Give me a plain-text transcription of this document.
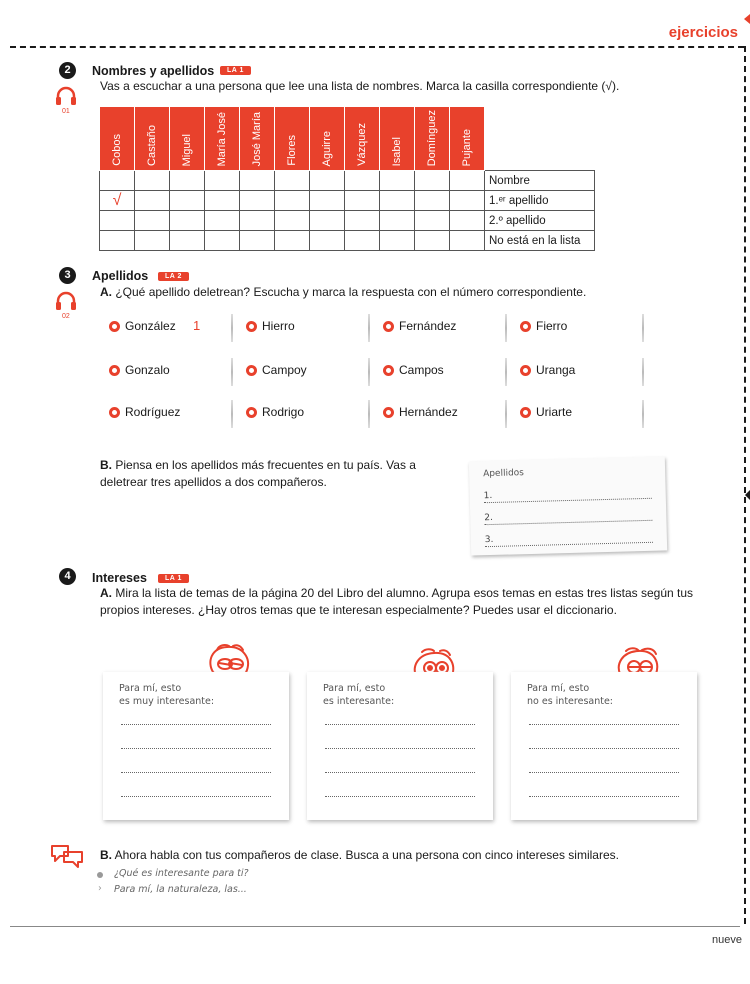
ejercicios
2	Nombres y apellidos	LA 1
01
Vas a escuchar a una persona que lee una lista de nombres. Marca la casilla correspondiente (√).
Cobos	Castaño	Miguel	María José	José María	Flores	Aguirre	Vázquez	Isabel	Domínguez	Pujante	

											Nombre
√											1.ᵉʳ apellido
											2.º apellido
											No está en la lista
3	Apellidos	LA 2
02
A. ¿Qué apellido deletrean? Escucha y marca la respuesta con el número correspondiente.
González 1	Hierro	Fernández	Fierro
Gonzalo	Campoy	Campos	Uranga
Rodríguez	Rodrigo	Hernández	Uriarte
B. Piensa en los apellidos más frecuentes en tu país. Vas a deletrear tres apellidos a dos compañeros.
Apellidos
1.
2.
3.
4	Intereses	LA 1
A. Mira la lista de temas de la página 20 del Libro del alumno. Agrupa esos temas en estas tres listas según tus propios intereses. ¿Hay otros temas que te interesan especialmente? Puedes usar el diccionario.
Para mí, esto
es muy interesante:
Para mí, esto
es interesante:
Para mí, esto
no es interesante:
B. Ahora habla con tus compañeros de clase. Busca a una persona con cinco intereses similares.
¿Qué es interesante para ti?
› Para mí, la naturaleza, las...
nueve
